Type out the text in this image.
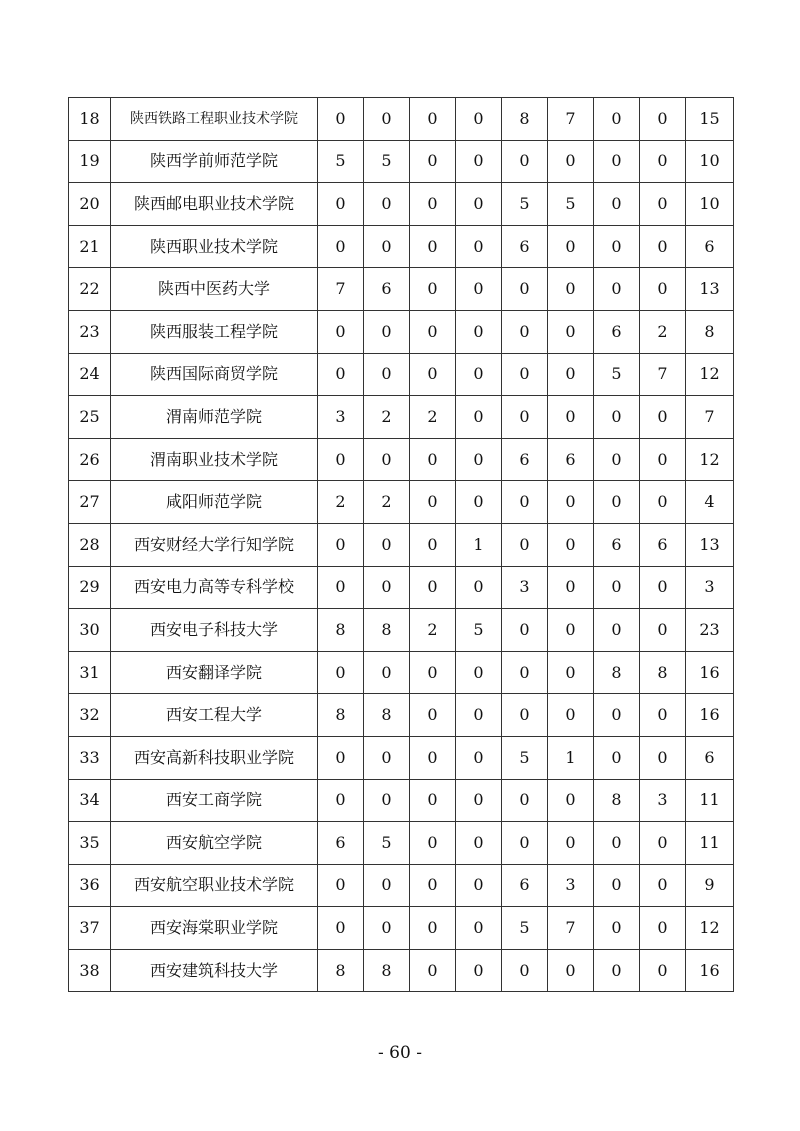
18	陕西铁路工程职业技术学院	0	0	0	0	8	7	0	0	15
19	陕西学前师范学院	5	5	0	0	0	0	0	0	10
20	陕西邮电职业技术学院	0	0	0	0	5	5	0	0	10
21	陕西职业技术学院	0	0	0	0	6	0	0	0	6
22	陕西中医药大学	7	6	0	0	0	0	0	0	13
23	陕西服装工程学院	0	0	0	0	0	0	6	2	8
24	陕西国际商贸学院	0	0	0	0	0	0	5	7	12
25	渭南师范学院	3	2	2	0	0	0	0	0	7
26	渭南职业技术学院	0	0	0	0	6	6	0	0	12
27	咸阳师范学院	2	2	0	0	0	0	0	0	4
28	西安财经大学行知学院	0	0	0	1	0	0	6	6	13
29	西安电力高等专科学校	0	0	0	0	3	0	0	0	3
30	西安电子科技大学	8	8	2	5	0	0	0	0	23
31	西安翻译学院	0	0	0	0	0	0	8	8	16
32	西安工程大学	8	8	0	0	0	0	0	0	16
33	西安高新科技职业学院	0	0	0	0	5	1	0	0	6
34	西安工商学院	0	0	0	0	0	0	8	3	11
35	西安航空学院	6	5	0	0	0	0	0	0	11
36	西安航空职业技术学院	0	0	0	0	6	3	0	0	9
37	西安海棠职业学院	0	0	0	0	5	7	0	0	12
38	西安建筑科技大学	8	8	0	0	0	0	0	0	16
- 60 -
